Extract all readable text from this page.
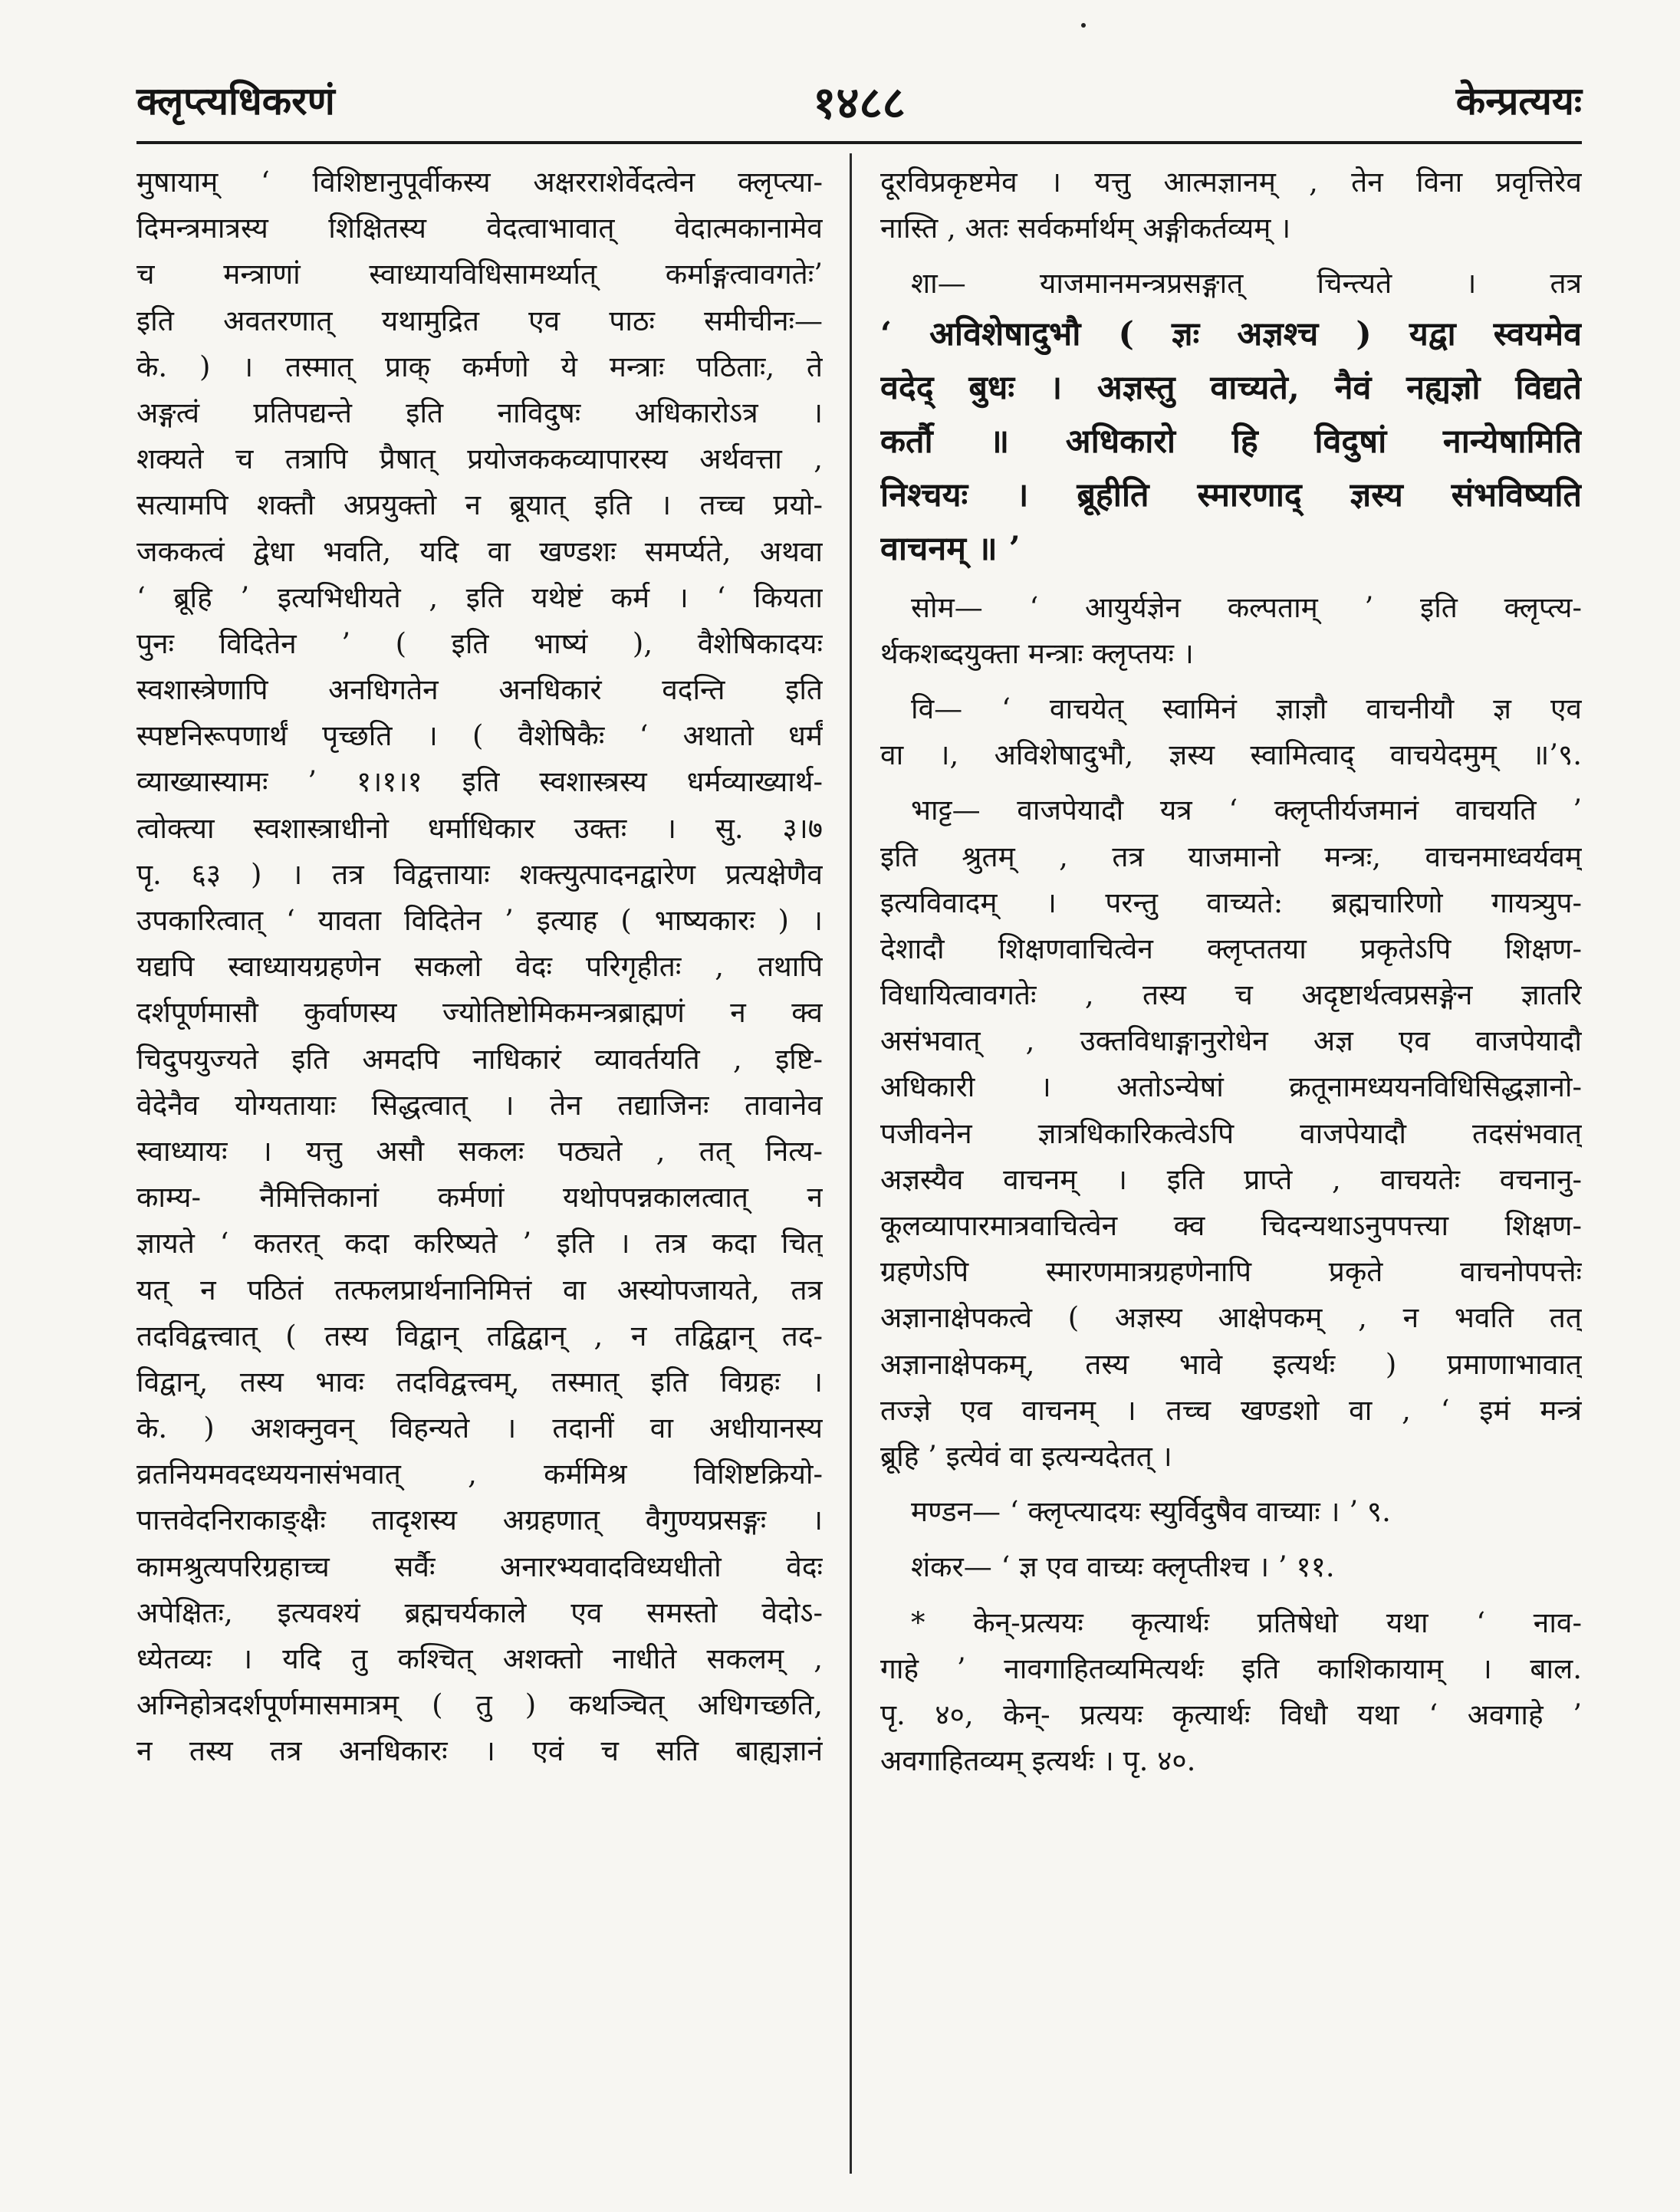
क्लृप्त्यधिकरणं	१४८८	केन्प्रत्ययः
मुषायाम् ‘ विशिष्टानुपूर्वीकस्य अक्षरराशेर्वेदत्वेन क्लृप्त्या-
दिमन्त्रमात्रस्य शिक्षितस्य वेदत्वाभावात् वेदात्मकानामेव
च मन्त्राणां स्वाध्यायविधिसामर्थ्यात् कर्माङ्गत्वावगतेः’
इति अवतरणात् यथामुद्रित एव पाठः समीचीनः—
के. ) । तस्मात् प्राक् कर्मणो ये मन्त्राः पठिताः, ते
अङ्गत्वं प्रतिपद्यन्ते इति नाविदुषः अधिकारोऽत्र ।
शक्यते च तत्रापि प्रैषात् प्रयोजककव्यापारस्य अर्थवत्ता ,
सत्यामपि शक्तौ अप्रयुक्तो न ब्रूयात् इति । तच्च प्रयो-
जककत्वं द्वेधा भवति, यदि वा खण्डशः समर्प्यते, अथवा
‘ ब्रूहि ’ इत्यभिधीयते , इति यथेष्टं कर्म । ‘ कियता
पुनः विदितेन ’ ( इति भाष्यं ), वैशेषिकादयः
स्वशास्त्रेणापि अनधिगतेन अनधिकारं वदन्ति इति
स्पष्टनिरूपणार्थं पृच्छति । ( वैशेषिकैः ‘ अथातो धर्मं
व्याख्यास्यामः ’ १।१।१ इति स्वशास्त्रस्य धर्मव्याख्यार्थ-
त्वोक्त्या स्वशास्त्राधीनो धर्माधिकार उक्तः । सु. ३।७
पृ. ६३ ) । तत्र विद्वत्तायाः शक्त्युत्पादनद्वारेण प्रत्यक्षेणैव
उपकारित्वात् ‘ यावता विदितेन ’ इत्याह ( भाष्यकारः ) ।
यद्यपि स्वाध्यायग्रहणेन सकलो वेदः परिगृहीतः , तथापि
दर्शपूर्णमासौ कुर्वाणस्य ज्योतिष्टोमिकमन्त्रब्राह्मणं न क्व
चिदुपयुज्यते इति अमदपि नाधिकारं व्यावर्तयति , इष्टि-
वेदेनैव योग्यतायाः सिद्धत्वात् । तेन तद्याजिनः तावानेव
स्वाध्यायः । यत्तु असौ सकलः पठ्यते , तत् नित्य-
काम्य- नैमित्तिकानां कर्मणां यथोपपन्नकालत्वात् न
ज्ञायते ‘ कतरत् कदा करिष्यते ’ इति । तत्र कदा चित्
यत् न पठितं तत्फलप्रार्थनानिमित्तं वा अस्योपजायते, तत्र
तदविद्वत्त्वात् ( तस्य विद्वान् तद्विद्वान् , न तद्विद्वान् तद-
विद्वान्, तस्य भावः तदविद्वत्त्वम्, तस्मात् इति विग्रहः ।
के. ) अशक्नुवन् विहन्यते । तदानीं वा अधीयानस्य
व्रतनियमवदध्ययनासंभवात् , कर्ममिश्र विशिष्टक्रियो-
पात्तवेदनिराकाङ्क्षैः तादृशस्य अग्रहणात् वैगुण्यप्रसङ्गः ।
कामश्रुत्यपरिग्रहाच्च सर्वैः अनारभ्यवादविध्यधीतो वेदः
अपेक्षितः, इत्यवश्यं ब्रह्मचर्यकाले एव समस्तो वेदोऽ-
ध्येतव्यः । यदि तु कश्चित् अशक्तो नाधीते सकलम् ,
अग्निहोत्रदर्शपूर्णमासमात्रम् ( तु ) कथञ्चित् अधिगच्छति,
न तस्य तत्र अनधिकारः । एवं च सति बाह्यज्ञानं
दूरविप्रकृष्टमेव । यत्तु आत्मज्ञानम् , तेन विना प्रवृत्तिरेव
नास्ति , अतः सर्वकर्मार्थम् अङ्गीकर्तव्यम् ।
शा— याजमानमन्त्रप्रसङ्गात् चिन्त्यते । तत्र
‘ अविशेषादुभौ ( ज्ञः अज्ञश्च ) यद्वा स्वयमेव
वदेद् बुधः । अज्ञस्तु वाच्यते, नैवं नह्यज्ञो विद्यते
कर्तौ ॥ अधिकारो हि विदुषां नान्येषामिति
निश्चयः । ब्रूहीति स्मारणाद् ज्ञस्य संभविष्यति
वाचनम् ॥ ’
सोम— ‘ आयुर्यज्ञेन कल्पताम् ’ इति क्लृप्त्य-
र्थकशब्दयुक्ता मन्त्राः क्लृप्तयः ।
वि— ‘ वाचयेत् स्वामिनं ज्ञाज्ञौ वाचनीयौ ज्ञ एव
वा ।, अविशेषादुभौ, ज्ञस्य स्वामित्वाद् वाचयेदमुम् ॥’९.
भाट्ट— वाजपेयादौ यत्र ‘ क्लृप्तीर्यजमानं वाचयति ’
इति श्रुतम् , तत्र याजमानो मन्त्रः, वाचनमाध्वर्यवम्
इत्यविवादम् । परन्तु वाच्यते: ब्रह्मचारिणो गायत्र्युप-
देशादौ शिक्षणवाचित्वेन क्लृप्ततया प्रकृतेऽपि शिक्षण-
विधायित्वावगतेः , तस्य च अदृष्टार्थत्वप्रसङ्गेन ज्ञातरि
असंभवात् , उक्तविधाङ्गानुरोधेन अज्ञ एव वाजपेयादौ
अधिकारी । अतोऽन्येषां क्रतूनामध्ययनविधिसिद्धज्ञानो-
पजीवनेन ज्ञात्रधिकारिकत्वेऽपि वाजपेयादौ तदसंभवात्
अज्ञस्यैव वाचनम् । इति प्राप्ते , वाचयतेः वचनानु-
कूलव्यापारमात्रवाचित्वेन क्व चिदन्यथाऽनुपपत्त्या शिक्षण-
ग्रहणेऽपि स्मारणमात्रग्रहणेनापि प्रकृते वाचनोपपत्तेः
अज्ञानाक्षेपकत्वे ( अज्ञस्य आक्षेपकम् , न भवति तत्
अज्ञानाक्षेपकम्, तस्य भावे इत्यर्थः ) प्रमाणाभावात्
तज्ज्ञे एव वाचनम् । तच्च खण्डशो वा , ‘ इमं मन्त्रं
ब्रूहि ’ इत्येवं वा इत्यन्यदेतत् ।
मण्डन— ‘ क्लृप्त्यादयः स्युर्विदुषैव वाच्याः । ’ ९.
शंकर— ‘ ज्ञ एव वाच्यः क्लृप्तीश्च । ’ ११.
* केन्-प्रत्ययः कृत्यार्थः प्रतिषेधो यथा ‘ नाव-
गाहे ’ नावगाहितव्यमित्यर्थः इति काशिकायाम् । बाल.
पृ. ४०, केन्- प्रत्ययः कृत्यार्थः विधौ यथा ‘ अवगाहे ’
अवगाहितव्यम् इत्यर्थः । पृ. ४०.
